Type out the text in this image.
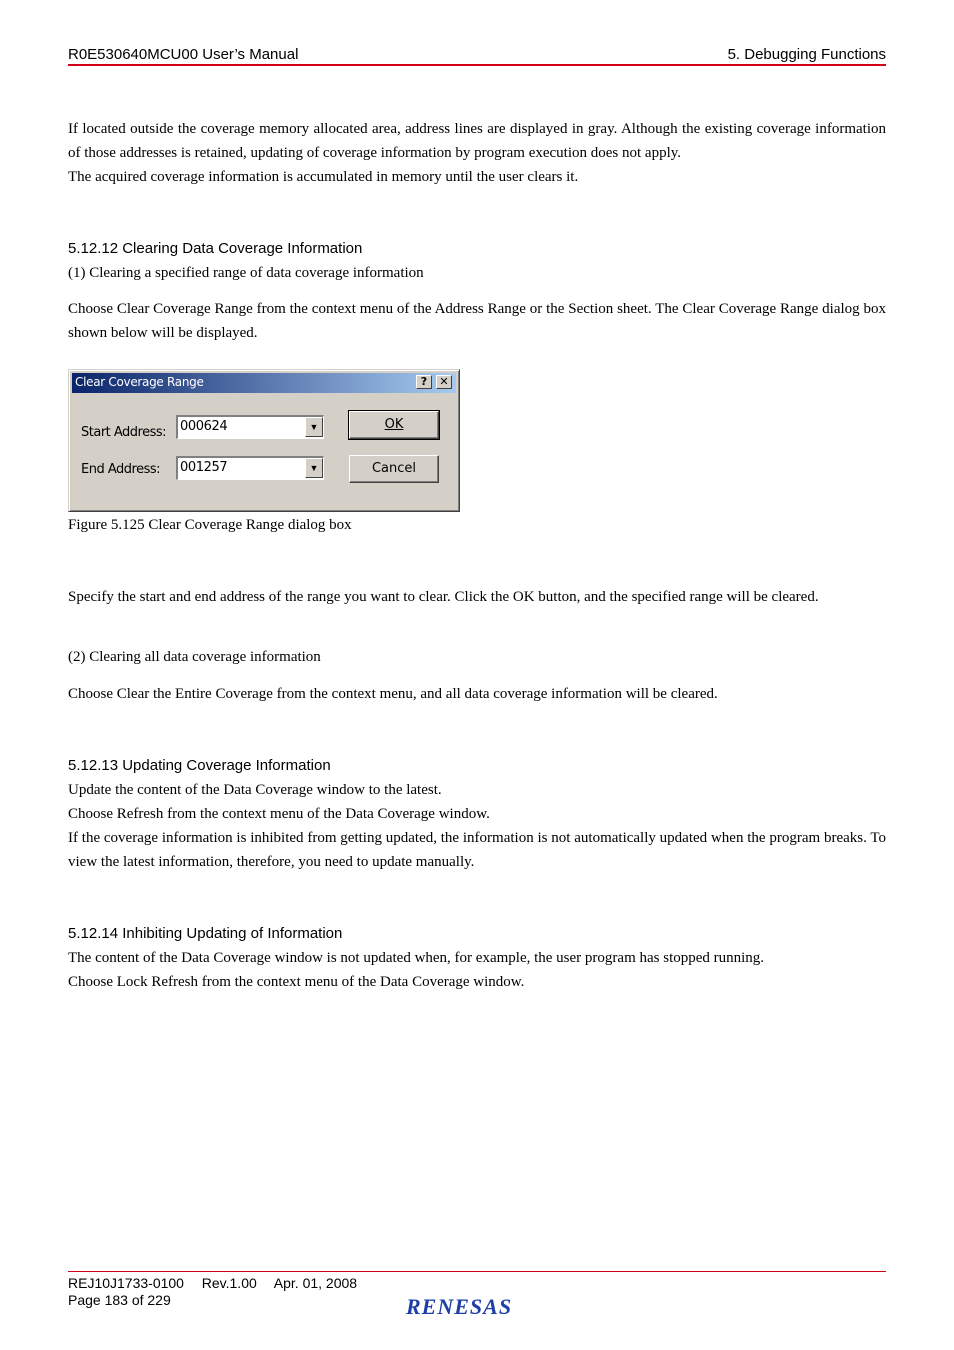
R0E530640MCU00 User’s Manual	5. Debugging Functions
If located outside the coverage memory allocated area, address lines are displayed in gray. Although the existing coverage information of those addresses is retained, updating of coverage information by program execution does not apply.
The acquired coverage information is accumulated in memory until the user clears it.
5.12.12 Clearing Data Coverage Information
(1) Clearing a specified range of data coverage information
Choose Clear Coverage Range from the context menu of the Address Range or the Section sheet. The Clear Coverage Range dialog box shown below will be displayed.
Clear Coverage Range	?	✕
Start Address: 000624	▼
End Address: 001257	▼
OK
Cancel
Figure 5.125 Clear Coverage Range dialog box
Specify the start and end address of the range you want to clear. Click the OK button, and the specified range will be cleared.
(2) Clearing all data coverage information
Choose Clear the Entire Coverage from the context menu, and all data coverage information will be cleared.
5.12.13 Updating Coverage Information
Update the content of the Data Coverage window to the latest.
Choose Refresh from the context menu of the Data Coverage window.
If the coverage information is inhibited from getting updated, the information is not automatically updated when the program breaks. To view the latest information, therefore, you need to update manually.
5.12.14 Inhibiting Updating of Information
The content of the Data Coverage window is not updated when, for example, the user program has stopped running.
Choose Lock Refresh from the context menu of the Data Coverage window.
REJ10J1733-0100 Rev.1.00 Apr. 01, 2008
Page 183 of 229	RENESAS
